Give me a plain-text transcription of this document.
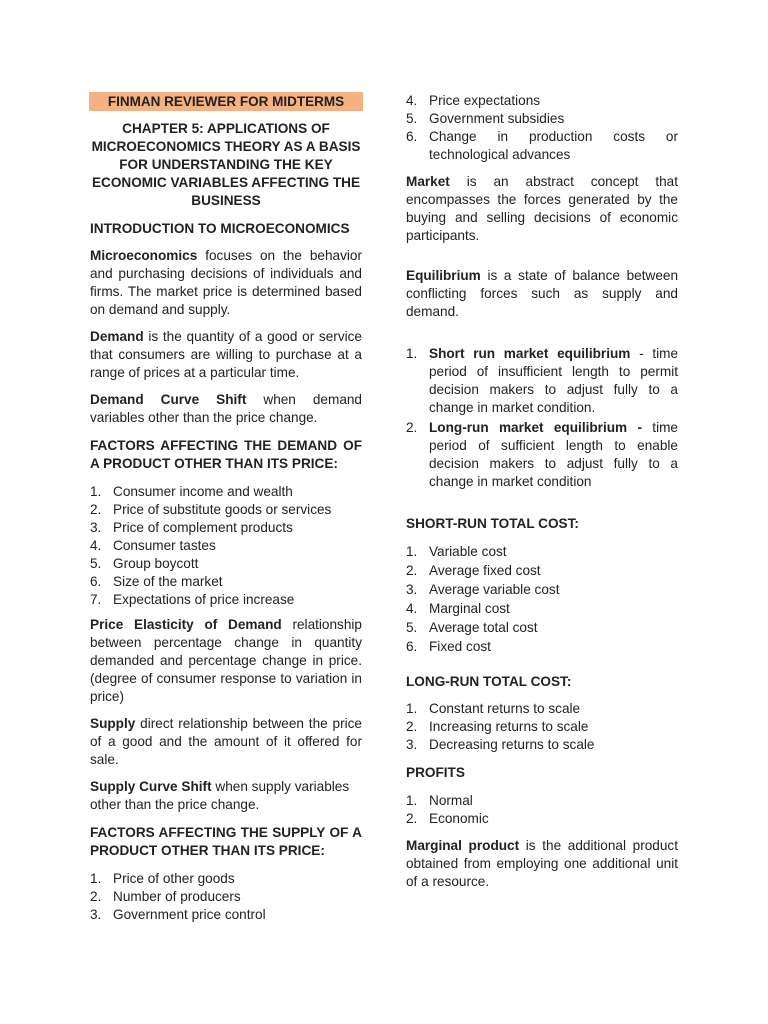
FINMAN REVIEWER FOR MIDTERMS
CHAPTER 5: APPLICATIONS OF MICROECONOMICS THEORY AS A BASIS FOR UNDERSTANDING THE KEY ECONOMIC VARIABLES AFFECTING THE BUSINESS
INTRODUCTION TO MICROECONOMICS
Microeconomics focuses on the behavior and purchasing decisions of individuals and firms. The market price is determined based on demand and supply.
Demand is the quantity of a good or service that consumers are willing to purchase at a range of prices at a particular time.
Demand Curve Shift when demand variables other than the price change.
FACTORS AFFECTING THE DEMAND OF A PRODUCT OTHER THAN ITS PRICE:
1. Consumer income and wealth
2. Price of substitute goods or services
3. Price of complement products
4. Consumer tastes
5. Group boycott
6. Size of the market
7. Expectations of price increase
Price Elasticity of Demand relationship between percentage change in quantity demanded and percentage change in price. (degree of consumer response to variation in price)
Supply direct relationship between the price of a good and the amount of it offered for sale.
Supply Curve Shift when supply variables other than the price change.
FACTORS AFFECTING THE SUPPLY OF A PRODUCT OTHER THAN ITS PRICE:
1. Price of other goods
2. Number of producers
3. Government price control
4. Price expectations
5. Government subsidies
6. Change in production costs or technological advances
Market is an abstract concept that encompasses the forces generated by the buying and selling decisions of economic participants.
Equilibrium is a state of balance between conflicting forces such as supply and demand.
1. Short run market equilibrium - time period of insufficient length to permit decision makers to adjust fully to a change in market condition.
2. Long-run market equilibrium - time period of sufficient length to enable decision makers to adjust fully to a change in market condition
SHORT-RUN TOTAL COST:
1. Variable cost
2. Average fixed cost
3. Average variable cost
4. Marginal cost
5. Average total cost
6. Fixed cost
LONG-RUN TOTAL COST:
1. Constant returns to scale
2. Increasing returns to scale
3. Decreasing returns to scale
PROFITS
1. Normal
2. Economic
Marginal product is the additional product obtained from employing one additional unit of a resource.
